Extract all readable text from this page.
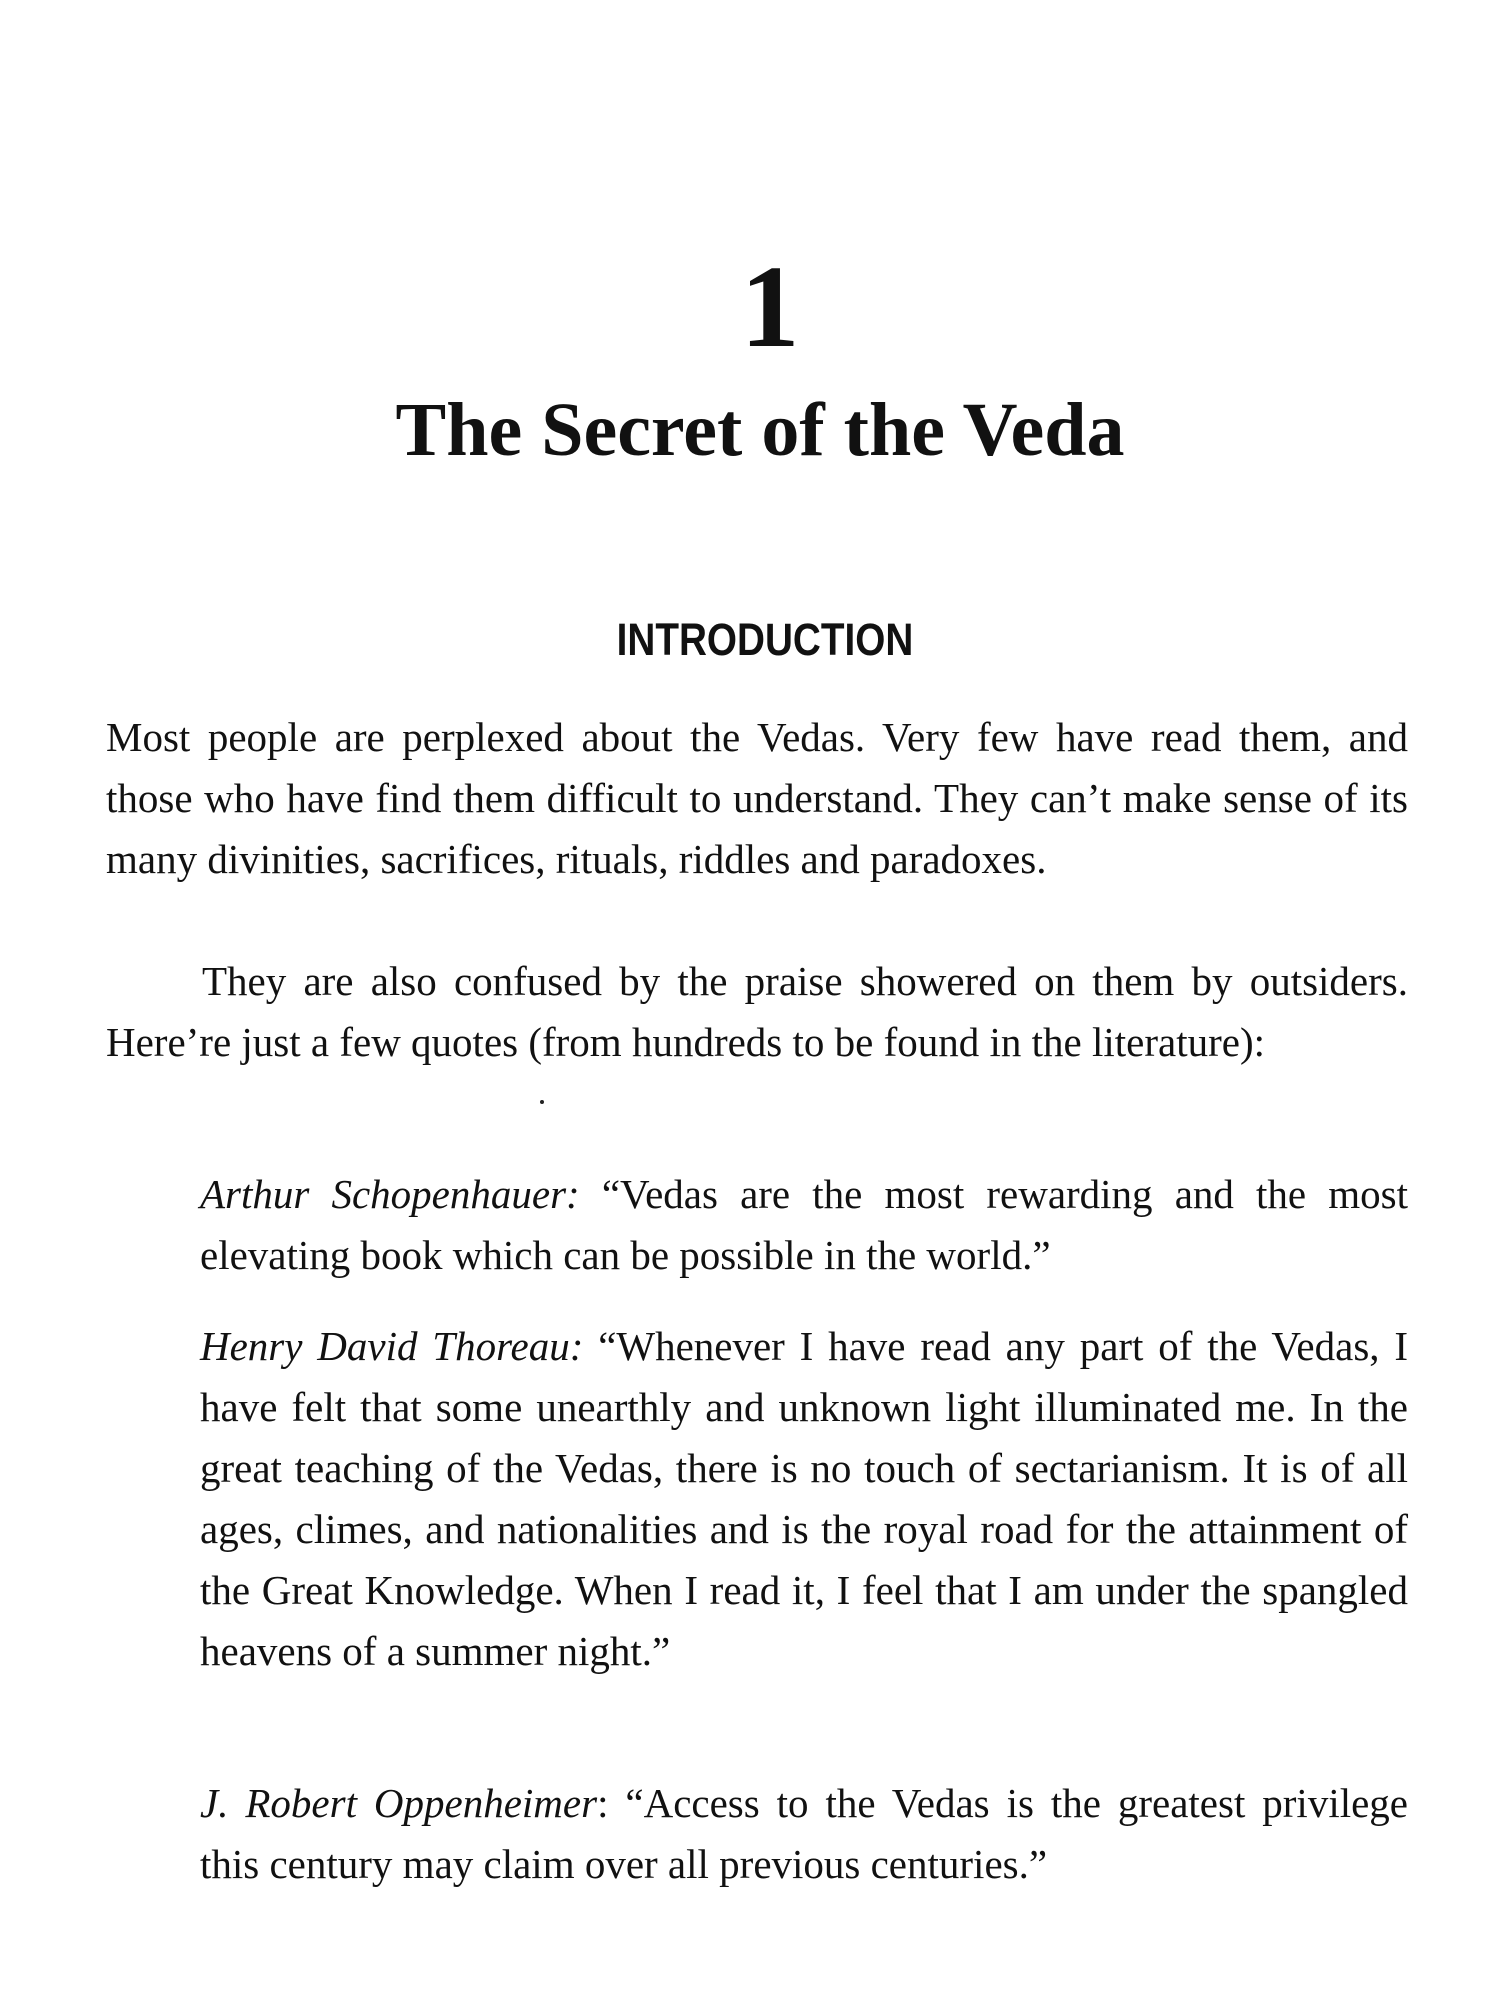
1
The Secret of the Veda
INTRODUCTION

Most people are perplexed about the Vedas. Very few have read them, and those who have find them difficult to understand. They can’t make sense of its many divinities, sacrifices, rituals, riddles and paradoxes.

They are also confused by the praise showered on them by outsiders. Here’re just a few quotes (from hundreds to be found in the literature):

Arthur Schopenhauer: “Vedas are the most rewarding and the most elevating book which can be possible in the world.”

Henry David Thoreau: “Whenever I have read any part of the Vedas, I have felt that some unearthly and unknown light illuminated me. In the great teaching of the Vedas, there is no touch of sectarianism. It is of all ages, climes, and nationalities and is the royal road for the attainment of the Great Knowledge. When I read it, I feel that I am under the spangled heavens of a summer night.”

J. Robert Oppenheimer: “Access to the Vedas is the greatest privilege this century may claim over all previous centuries.”
